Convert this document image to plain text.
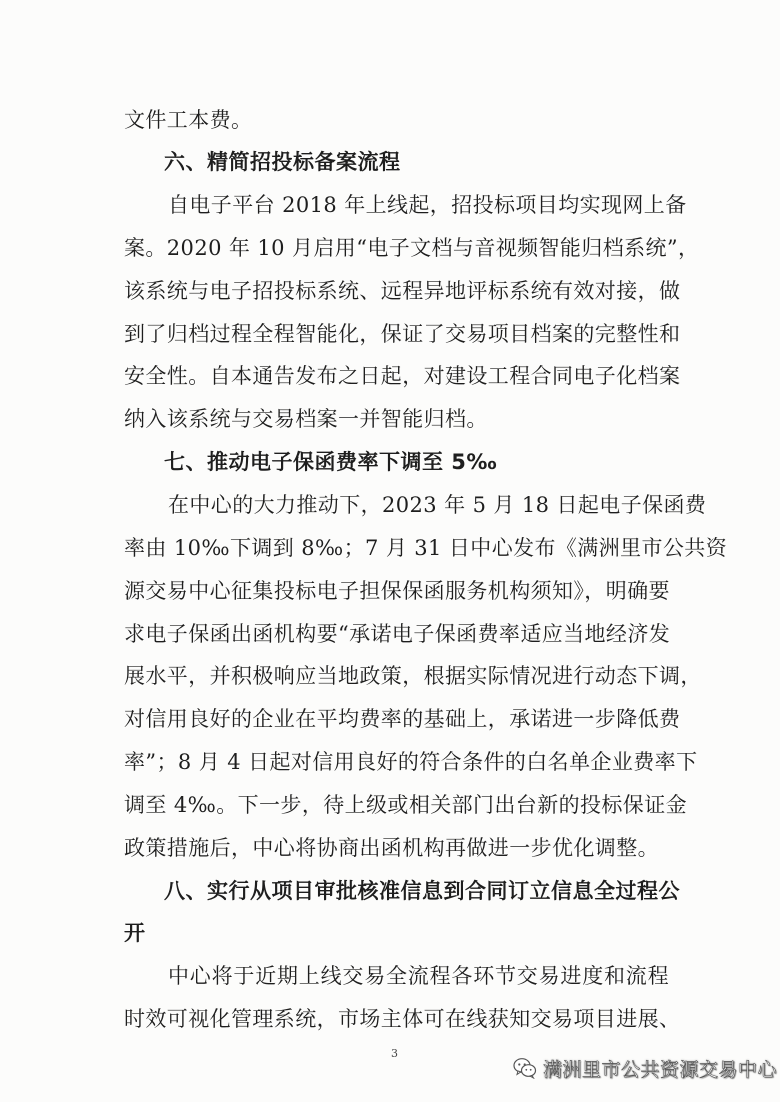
文件工本费。
六、精简招投标备案流程
自电子平台 2018 年上线起，招投标项目均实现网上备
案。2020 年 10 月启用“电子文档与音视频智能归档系统”，
该系统与电子招投标系统、远程异地评标系统有效对接，做
到了归档过程全程智能化，保证了交易项目档案的完整性和
安全性。自本通告发布之日起，对建设工程合同电子化档案
纳入该系统与交易档案一并智能归档。
七、推动电子保函费率下调至 5‰
在中心的大力推动下，2023 年 5 月 18 日起电子保函费
率由 10‰下调到 8‰；7 月 31 日中心发布《满洲里市公共资
源交易中心征集投标电子担保保函服务机构须知》，明确要
求电子保函出函机构要“承诺电子保函费率适应当地经济发
展水平，并积极响应当地政策，根据实际情况进行动态下调，
对信用良好的企业在平均费率的基础上，承诺进一步降低费
率”；8 月 4 日起对信用良好的符合条件的白名单企业费率下
调至 4‰。下一步，待上级或相关部门出台新的投标保证金
政策措施后，中心将协商出函机构再做进一步优化调整。
八、实行从项目审批核准信息到合同订立信息全过程公
开
中心将于近期上线交易全流程各环节交易进度和流程
时效可视化管理系统，市场主体可在线获知交易项目进展、
3
满洲里市公共资源交易中心
